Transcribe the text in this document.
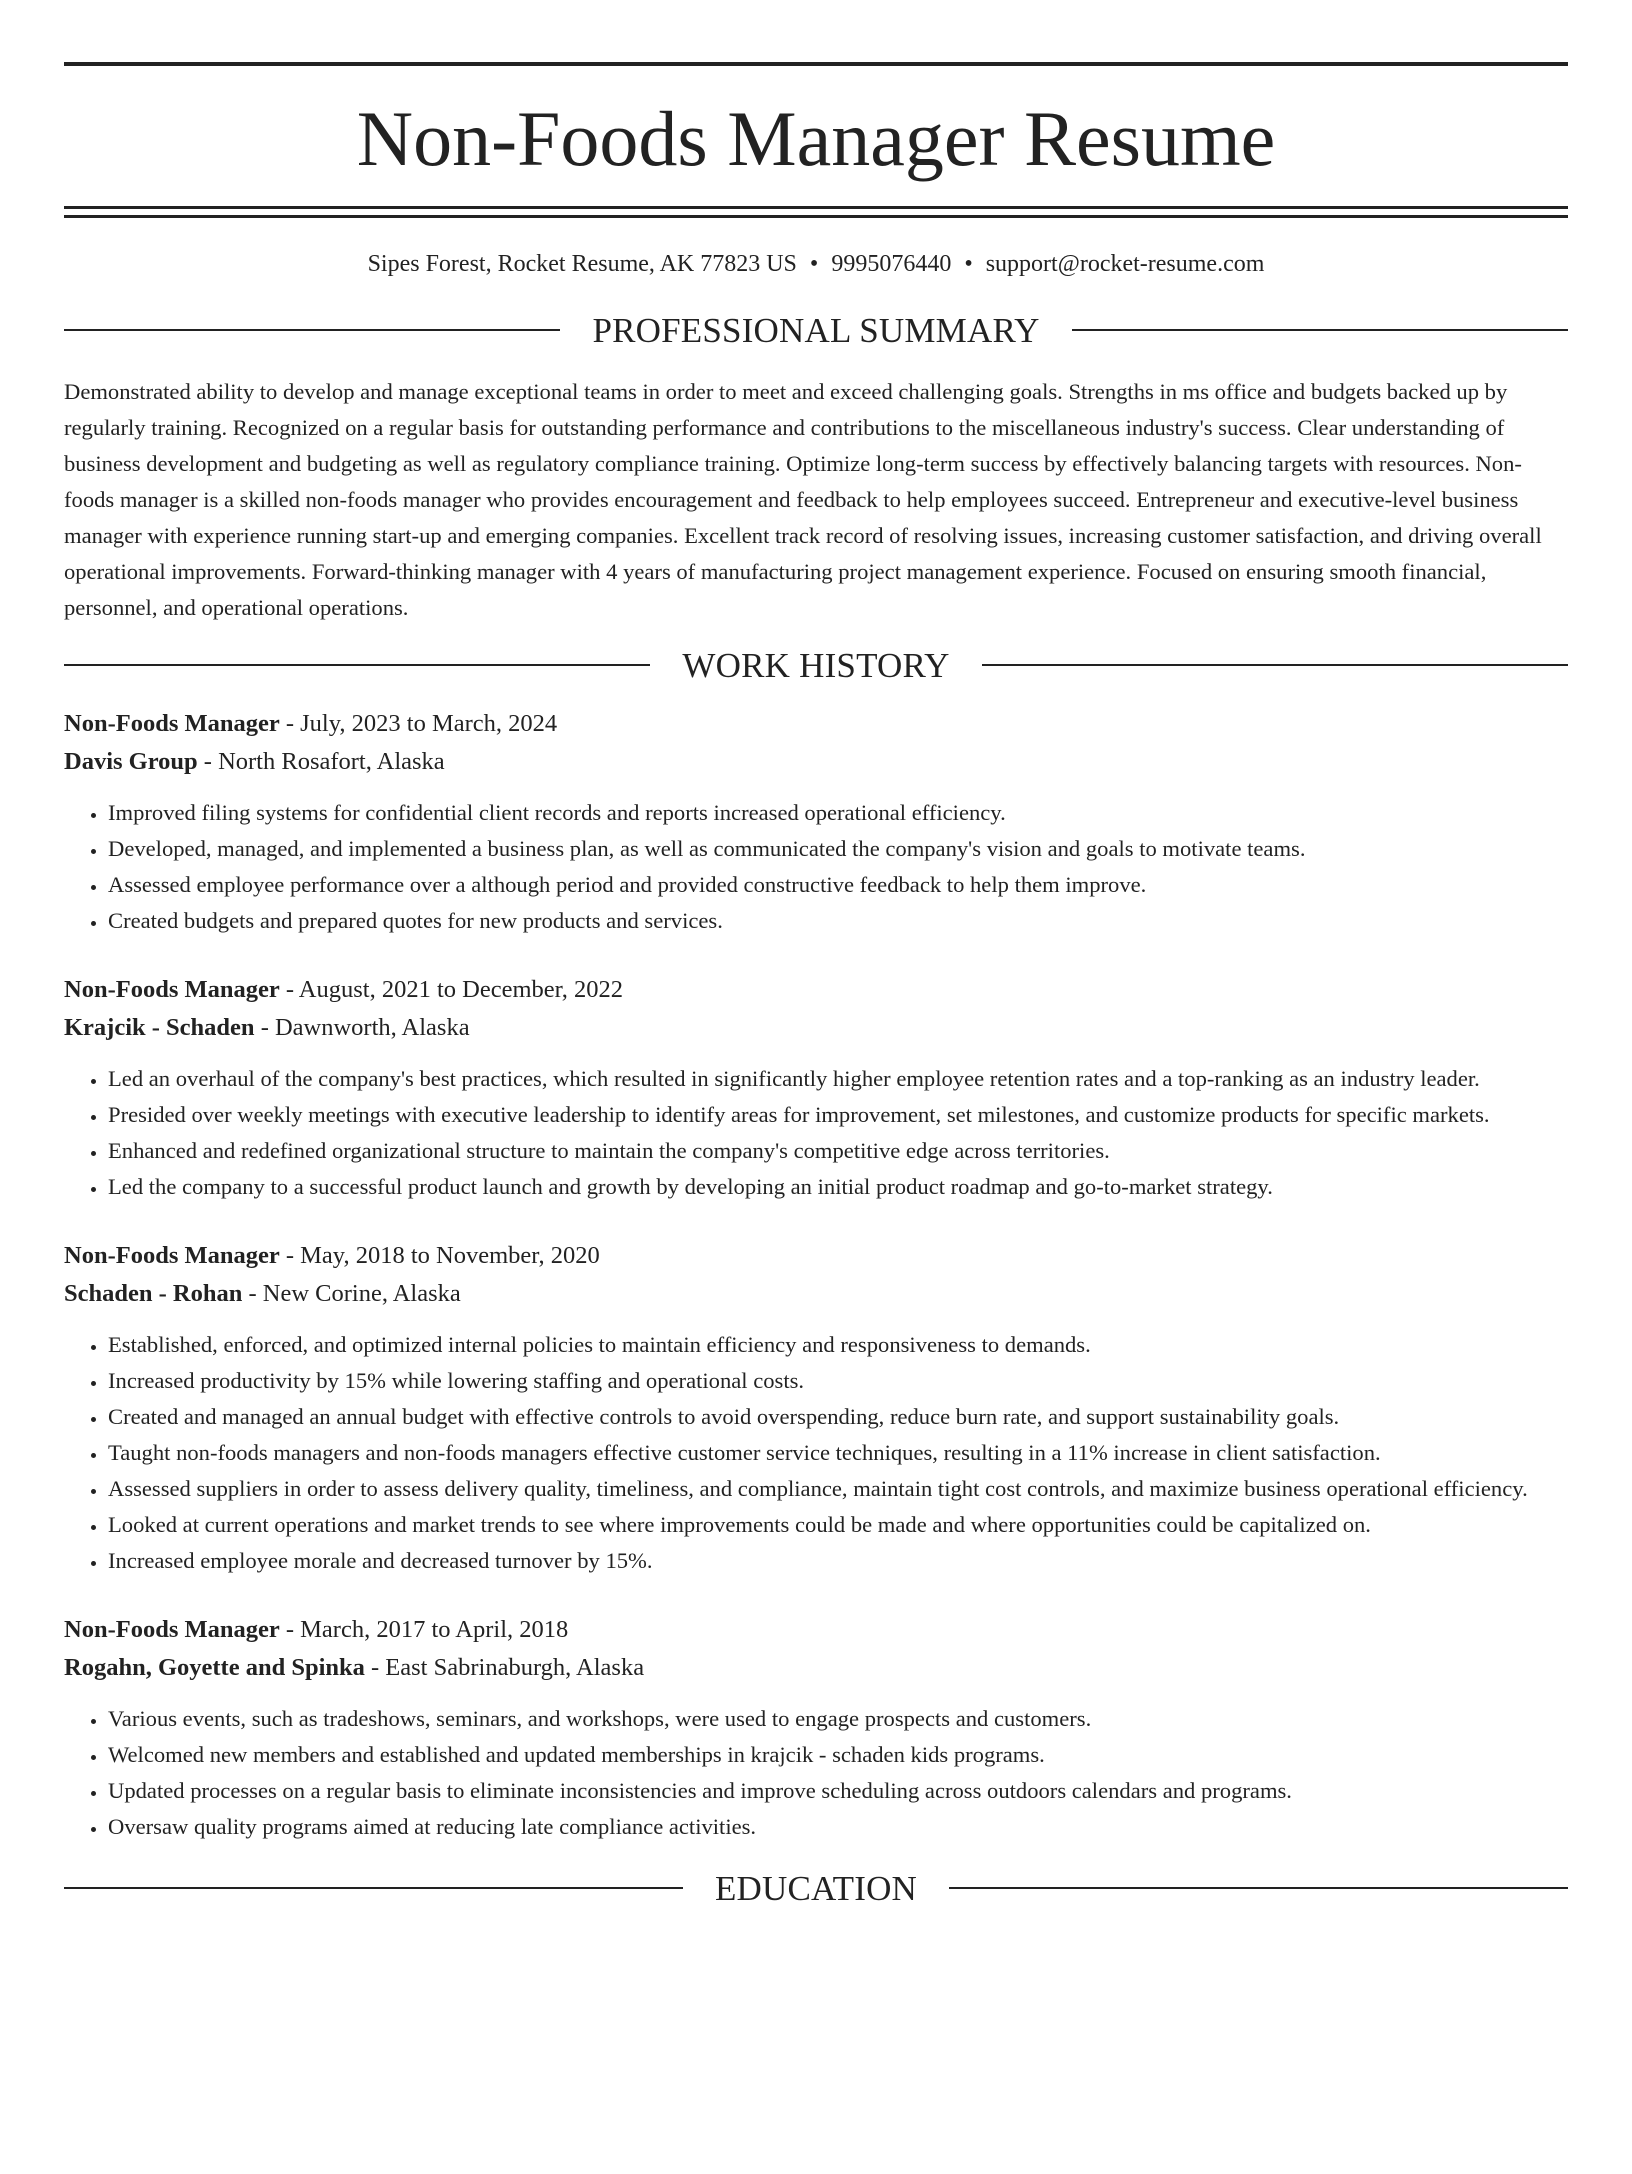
Non-Foods Manager Resume
Sipes Forest, Rocket Resume, AK 77823 US • 9995076440 • support@rocket-resume.com
PROFESSIONAL SUMMARY
Demonstrated ability to develop and manage exceptional teams in order to meet and exceed challenging goals. Strengths in ms office and budgets backed up by regularly training. Recognized on a regular basis for outstanding performance and contributions to the miscellaneous industry's success. Clear understanding of business development and budgeting as well as regulatory compliance training. Optimize long-term success by effectively balancing targets with resources. Non-foods manager is a skilled non-foods manager who provides encouragement and feedback to help employees succeed. Entrepreneur and executive-level business manager with experience running start-up and emerging companies. Excellent track record of resolving issues, increasing customer satisfaction, and driving overall operational improvements. Forward-thinking manager with 4 years of manufacturing project management experience. Focused on ensuring smooth financial, personnel, and operational operations.
WORK HISTORY
Non-Foods Manager - July, 2023 to March, 2024
Davis Group - North Rosafort, Alaska
• Improved filing systems for confidential client records and reports increased operational efficiency.
• Developed, managed, and implemented a business plan, as well as communicated the company's vision and goals to motivate teams.
• Assessed employee performance over a although period and provided constructive feedback to help them improve.
• Created budgets and prepared quotes for new products and services.
Non-Foods Manager - August, 2021 to December, 2022
Krajcik - Schaden - Dawnworth, Alaska
• Led an overhaul of the company's best practices, which resulted in significantly higher employee retention rates and a top-ranking as an industry leader.
• Presided over weekly meetings with executive leadership to identify areas for improvement, set milestones, and customize products for specific markets.
• Enhanced and redefined organizational structure to maintain the company's competitive edge across territories.
• Led the company to a successful product launch and growth by developing an initial product roadmap and go-to-market strategy.
Non-Foods Manager - May, 2018 to November, 2020
Schaden - Rohan - New Corine, Alaska
• Established, enforced, and optimized internal policies to maintain efficiency and responsiveness to demands.
• Increased productivity by 15% while lowering staffing and operational costs.
• Created and managed an annual budget with effective controls to avoid overspending, reduce burn rate, and support sustainability goals.
• Taught non-foods managers and non-foods managers effective customer service techniques, resulting in a 11% increase in client satisfaction.
• Assessed suppliers in order to assess delivery quality, timeliness, and compliance, maintain tight cost controls, and maximize business operational efficiency.
• Looked at current operations and market trends to see where improvements could be made and where opportunities could be capitalized on.
• Increased employee morale and decreased turnover by 15%.
Non-Foods Manager - March, 2017 to April, 2018
Rogahn, Goyette and Spinka - East Sabrinaburgh, Alaska
• Various events, such as tradeshows, seminars, and workshops, were used to engage prospects and customers.
• Welcomed new members and established and updated memberships in krajcik - schaden kids programs.
• Updated processes on a regular basis to eliminate inconsistencies and improve scheduling across outdoors calendars and programs.
• Oversaw quality programs aimed at reducing late compliance activities.
EDUCATION
